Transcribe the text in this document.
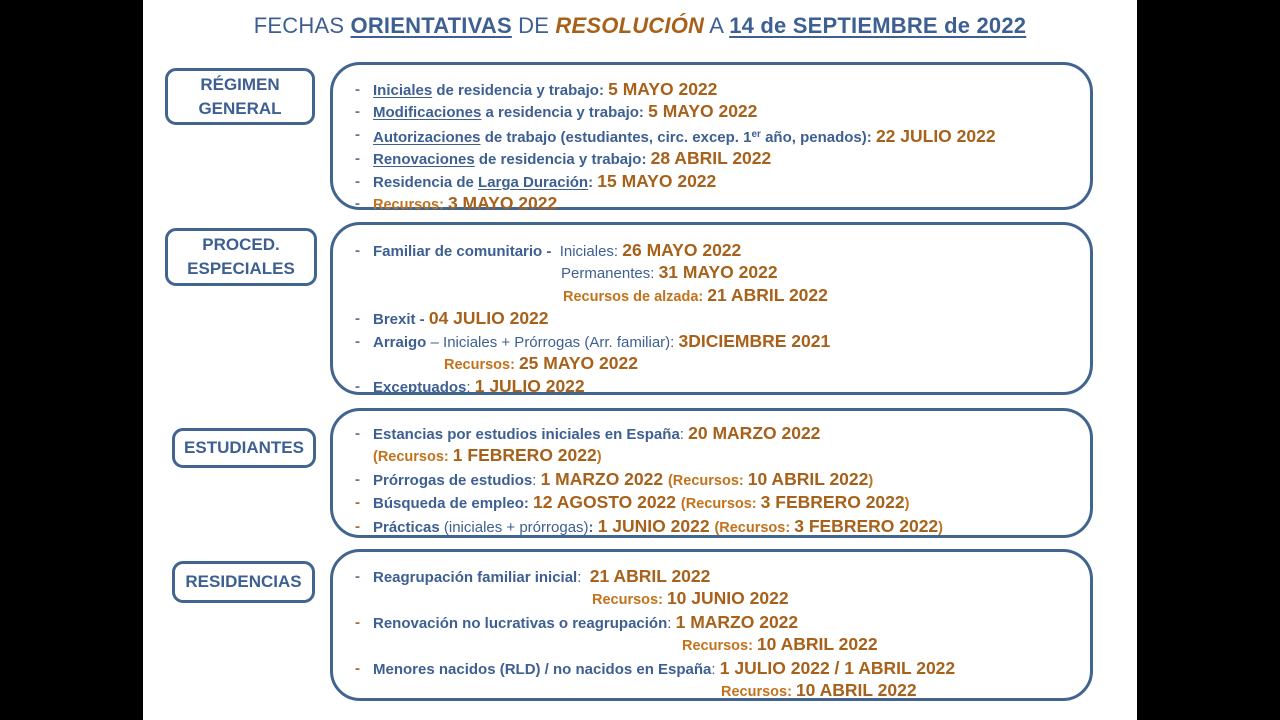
FECHAS ORIENTATIVAS DE RESOLUCIÓN A 14 de SEPTIEMBRE de 2022
RÉGIMEN
GENERAL
- Iniciales de residencia y trabajo: 5 MAYO 2022
- Modificaciones a residencia y trabajo: 5 MAYO 2022
- Autorizaciones de trabajo (estudiantes, circ. excep. 1er año, penados): 22 JULIO 2022
- Renovaciones de residencia y trabajo: 28 ABRIL 2022
- Residencia de Larga Duración: 15 MAYO 2022
- Recursos: 3 MAYO 2022
PROCED.
ESPECIALES
- Familiar de comunitario -  Iniciales: 26 MAYO 2022
Permanentes: 31 MAYO 2022
Recursos de alzada: 21 ABRIL 2022
- Brexit - 04 JULIO 2022
- Arraigo – Iniciales + Prórrogas (Arr. familiar): 3DICIEMBRE 2021
Recursos: 25 MAYO 2022
- Exceptuados: 1 JULIO 2022
ESTUDIANTES
- Estancias por estudios iniciales en España: 20 MARZO 2022
(Recursos: 1 FEBRERO 2022)
- Prórrogas de estudios: 1 MARZO 2022 (Recursos: 10 ABRIL 2022)
- Búsqueda de empleo: 12 AGOSTO 2022 (Recursos: 3 FEBRERO 2022)
- Prácticas (iniciales + prórrogas): 1 JUNIO 2022 (Recursos: 3 FEBRERO 2022)
RESIDENCIAS	- Reagrupación familiar inicial:  21 ABRIL 2022
Recursos: 10 JUNIO 2022
- Renovación no lucrativas o reagrupación: 1 MARZO 2022
Recursos: 10 ABRIL 2022
- Menores nacidos (RLD) / no nacidos en España: 1 JULIO 2022 / 1 ABRIL 2022
Recursos: 10 ABRIL 2022
